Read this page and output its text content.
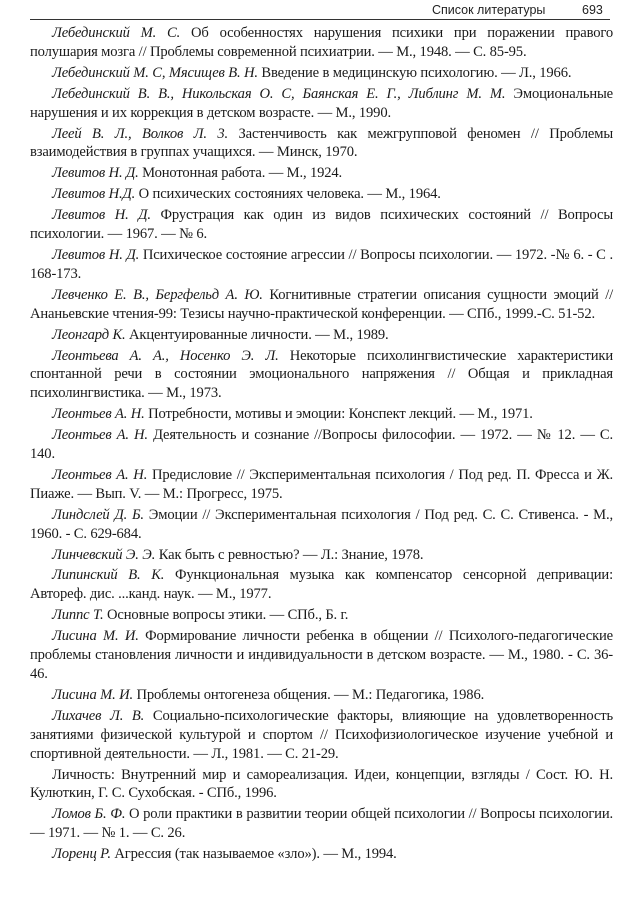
Список литературы	693

Лебединский М. С. Об особенностях нарушения психики при поражении правого полушария мозга // Проблемы современной психиатрии. — М., 1948. — С. 85-95.

Лебединский М. С, Мясищев В. Н. Введение в медицинскую психологию. — Л., 1966.

Лебединский В. В., Никольская О. С, Баянская Е. Г., Либлинг М. М. Эмоциональные нарушения и их коррекция в детском возрасте. — М., 1990.

Леей В. Л., Волков Л. 3. Застенчивость как межгрупповой феномен // Проблемы взаимодействия в группах учащихся. — Минск, 1970.

Левитов Н. Д. Монотонная работа. — М., 1924.

Левитов Н.Д. О психических состояниях человека. — М., 1964.

Левитов Н. Д. Фрустрация как один из видов психических состояний // Вопросы психологии. — 1967. — № 6.

Левитов Н. Д. Психическое состояние агрессии // Вопросы психологии. — 1972. -№ 6. - С . 168-173.

Левченко Е. В., Бергфельд А. Ю. Когнитивные стратегии описания сущности эмоций // Ананьевские чтения-99: Тезисы научно-практической конференции. — СПб., 1999.-С. 51-52.

Леонгард К. Акцентуированные личности. — М., 1989.

Леонтьева А. А., Носенко Э. Л. Некоторые психолингвистические характеристики спонтанной речи в состоянии эмоционального напряжения // Общая и прикладная психолингвистика. — М., 1973.

Леонтьев А. Н. Потребности, мотивы и эмоции: Конспект лекций. — М., 1971.

Леонтьев А. Н. Деятельность и сознание //Вопросы философии. — 1972. — № 12. — С. 140.

Леонтьев А. Н. Предисловие // Экспериментальная психология / Под ред. П. Фресса и Ж. Пиаже. — Вып. V. — М.: Прогресс, 1975.

Линдслей Д. Б. Эмоции // Экспериментальная психология / Под ред. С. С. Стивенса. - М., 1960. - С. 629-684.

Линчевский Э. Э. Как быть с ревностью? — Л.: Знание, 1978.

Липинский В. К. Функциональная музыка как компенсатор сенсорной депривации: Автореф. дис. ...канд. наук. — М., 1977.

Липпс Т. Основные вопросы этики. — СПб., Б. г.

Лисина М. И. Формирование личности ребенка в общении // Психолого-педагогические проблемы становления личности и индивидуальности в детском возрасте. — М., 1980. - С. 36-46.

Лисина М. И. Проблемы онтогенеза общения. — М.: Педагогика, 1986.

Лихачев Л. В. Социально-психологические факторы, влияющие на удовлетворенность занятиями физической культурой и спортом // Психофизиологическое изучение учебной и спортивной деятельности. — Л., 1981. — С. 21-29.

Личность: Внутренний мир и самореализация. Идеи, концепции, взгляды / Сост. Ю. Н. Кулюткин, Г. С. Сухобская. - СПб., 1996.

Ломов Б. Ф. О роли практики в развитии теории общей психологии // Вопросы психологии. — 1971. — № 1. — С. 26.

Лоренц Р. Агрессия (так называемое «зло»). — М., 1994.
